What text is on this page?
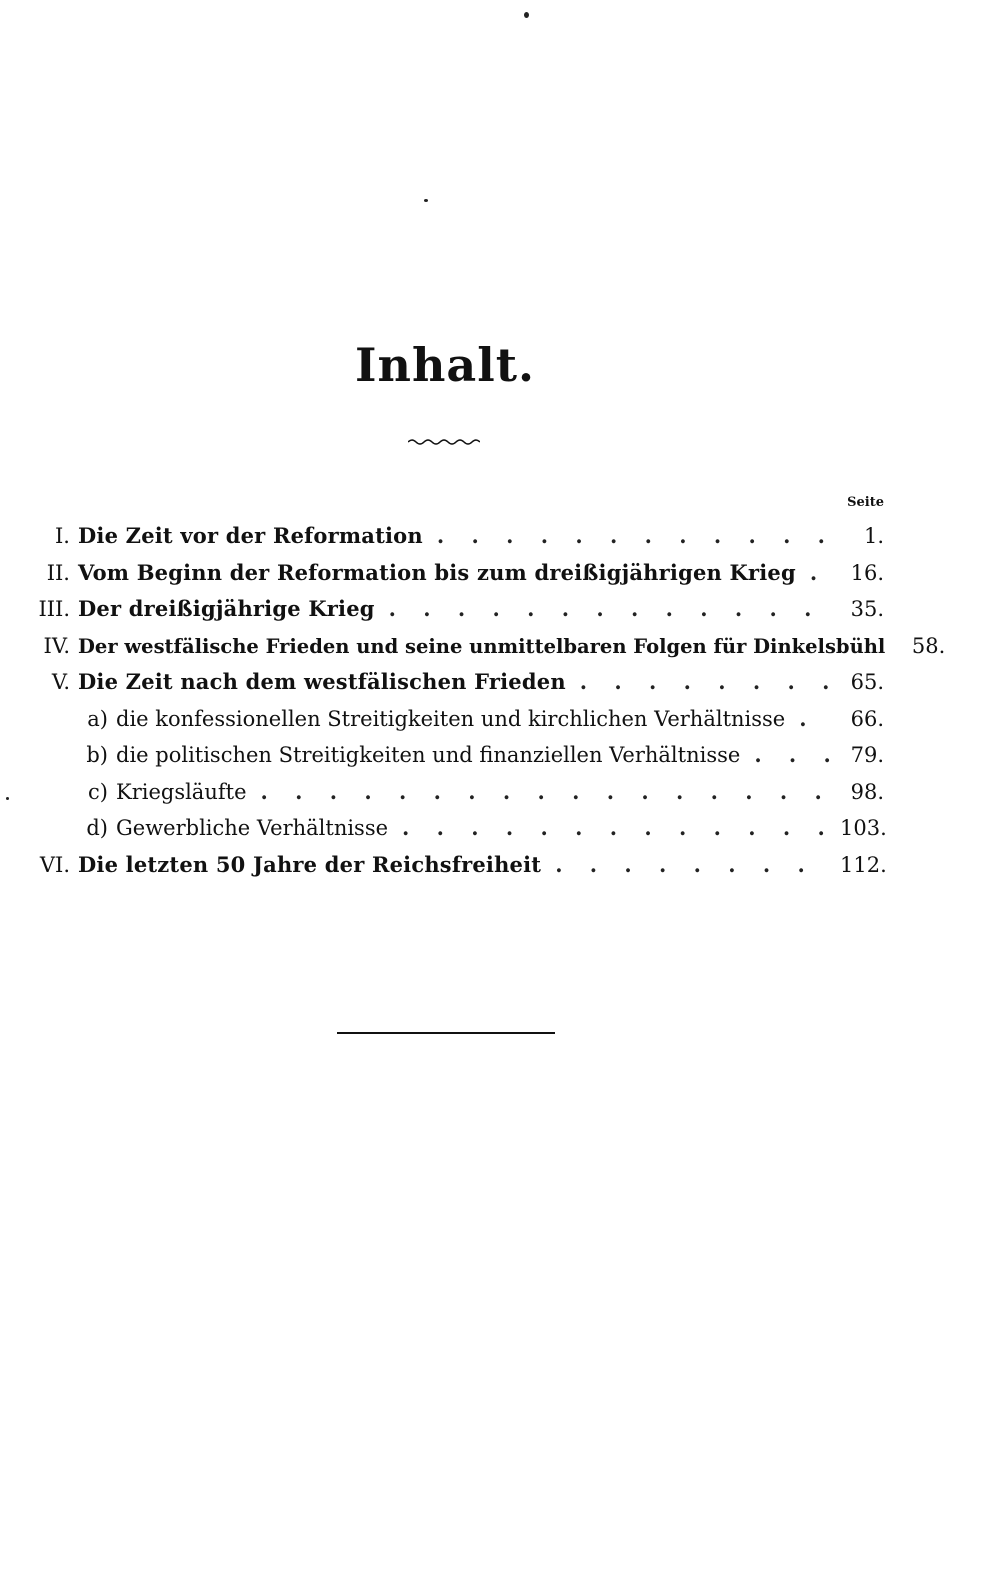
Inhalt.
Seite
I. Die Zeit vor der Reformation . . .	1.
II. Vom Beginn der Reformation bis zum dreißigjährigen Krieg . . .	16.
III. Der dreißigjährige Krieg . . .	35.
IV. Der westfälische Frieden und seine unmittelbaren Folgen für Dinkelsbühl	58.
V. Die Zeit nach dem westfälischen Frieden . . .	65.
a) die konfessionellen Streitigkeiten und kirchlichen Verhältnisse . . .	66.
b) die politischen Streitigkeiten und finanziellen Verhältnisse . . .	79.
c) Kriegsläufte . . .	98.
d) Gewerbliche Verhältnisse . . .	103.
VI. Die letzten 50 Jahre der Reichsfreiheit . . .	112.
